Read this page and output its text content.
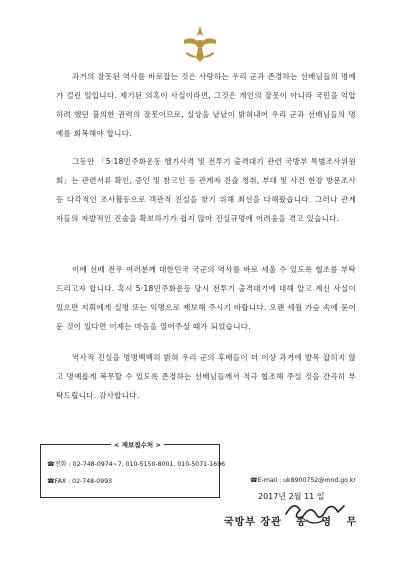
과거의 잘못된 역사를 바로잡는 것은 사랑하는 우리 군과 존경하는 선배님들의 명예가 걸린 일입니다. 제기된 의혹이 사실이라면, 그것은 개인의 잘못이 아니라 국민을 억압하려 했던 불의한 권력의 잘못이므로, 실상을 낱낱이 밝혀내어 우리 군과 선배님들의 명예를 회복해야 합니다.

그동안 「5·18민주화운동 헬기사격 및 전투기 출격대기 관련 국방부 특별조사위원회」는 관련서류 확인, 증인 및 참고인 등 관계자 진술 청취, 부대 및 사건 현장 방문조사 등 다각적인 조사활동으로 객관적 진실을 찾기 위해 최선을 다해왔습니다. 그러나 관계자들의 자발적인 진술을 확보하기가 쉽지 않아 진실규명에 어려움을 겪고 있습니다.

이에 선배 전우 여러분께 대한민국 국군의 역사를 바로 세울 수 있도록 협조를 부탁드리고자 합니다. 혹시 5·18민주화운동 당시 전투기 출격대기에 대해 알고 계신 사실이 있으면 지휘에게 실명 또는 익명으로 제보해 주시기 바랍니다. 오랜 세월 가슴 속에 묻어둔 것이 있다면 이제는 마음을 열어주실 때가 되었습니다.

역사적 진실을 명명백백히 밝혀 우리 군의 후배들이 더 이상 과거에 발목 잡히지 않고 명예롭게 복무할 수 있도록 존경하는 선배님들께서 적극 협조해 주실 것을 간곡히 부탁드립니다. 감사합니다.

< 제보접수처 >
☎전화 : 02-748-0974~7, 010-5150-8001, 010-5071-1696
☎FAX : 02-748-0993	☎E-mail : uk8900752@mnd.go.kr
2017년 2월 11 일
국방부 장관 송 영 무
